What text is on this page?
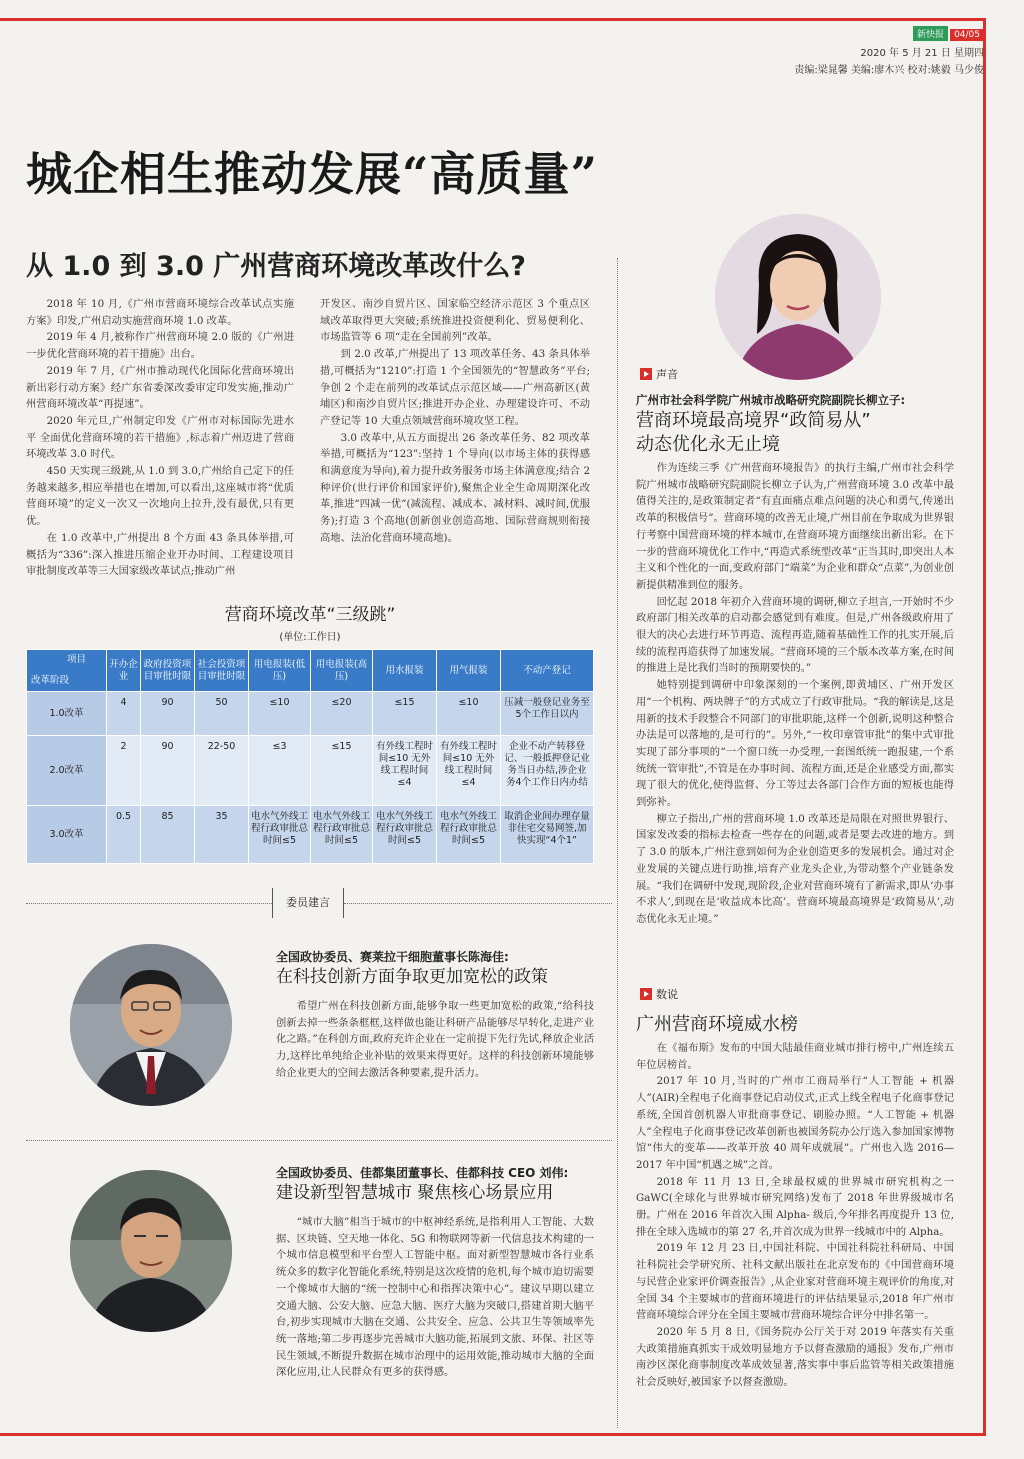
新快报 04/05
2020 年 5 月 21 日 星期四
责编:梁晁馨 美编:廖木兴 校对:姚毅 马少俊
城企相生推动发展“高质量”
从 1.0 到 3.0 广州营商环境改革改什么?

2018 年 10 月,《广州市营商环境综合改革试点实施方案》印发,广州启动实施营商环境 1.0 改革。

2019 年 4 月,被称作广州营商环境 2.0 版的《广州进一步优化营商环境的若干措施》出台。

2019 年 7 月,《广州市推动现代化国际化营商环境出新出彩行动方案》经广东省委深改委审定印发实施,推动广州营商环境改革“再提速”。

2020 年元旦,广州制定印发《广州市对标国际先进水平 全面优化营商环境的若干措施》,标志着广州迈进了营商环境改革 3.0 时代。

450 天实现三级跳,从 1.0 到 3.0,广州给自己定下的任务越来越多,相应举措也在增加,可以看出,这座城市将“优质营商环境”的定义一次又一次地向上拉升,没有最优,只有更优。

在 1.0 改革中,广州提出 8 个方面 43 条具体举措,可概括为“336”:深入推进压缩企业开办时间、工程建设项目审批制度改革等三大国家级改革试点;推动广州

开发区、南沙自贸片区、国家临空经济示范区 3 个重点区域改革取得更大突破;系统推进投资便利化、贸易便利化、市场监管等 6 项“走在全国前列”改革。

到 2.0 改革,广州提出了 13 项改革任务、43 条具体举措,可概括为“1210”:打造 1 个全国领先的“智慧政务”平台;争创 2 个走在前列的改革试点示范区域——广州高新区(黄埔区)和南沙自贸片区;推进开办企业、办理建设许可、不动产登记等 10 大重点领域营商环境攻坚工程。

3.0 改革中,从五方面提出 26 条改革任务、82 项改革举措,可概括为“123”:坚持 1 个导向(以市场主体的获得感和满意度为导向),着力提升政务服务市场主体满意度;结合 2 种评价(世行评价和国家评价),聚焦企业全生命周期深化改革,推进“四减一优”(减流程、减成本、减材料、减时间,优服务);打造 3 个高地(创新创业创造高地、国际营商规则衔接高地、法治化营商环境高地)。

营商环境改革“三级跳”
(单位:工作日)
项目
改革阶段	开办企业	政府投资项目审批时限	社会投资项目审批时限	用电报装(低压)	用电报装(高压)	用水报装	用气报装	不动产登记
1.0改革	4	90	50	≤10	≤20	≤15	≤10	压减一般登记业务至5个工作日以内
2.0改革	2	90	22-50	≤3	≤15	有外线工程时间≤10 无外线工程时间≤4	有外线工程时间≤10 无外线工程时间≤4	企业不动产转移登记、一般抵押登记业务当日办结,涉企业务4个工作日内办结
3.0改革	0.5	85	35	电水气外线工程行政审批总时间≤5	电水气外线工程行政审批总时间≤5	电水气外线工程行政审批总时间≤5	电水气外线工程行政审批总时间≤5	取消企业间办理存量非住宅交易网签,加快实现“4个1”
委员建言
全国政协委员、赛莱拉干细胞董事长陈海佳:
在科技创新方面争取更加宽松的政策

希望广州在科技创新方面,能够争取一些更加宽松的政策,“给科技创新去掉一些条条框框,这样做也能让科研产品能够尽早转化,走进产业化之路。”在科创方面,政府充许企业在一定前提下先行先试,释放企业活力,这样比单纯给企业补贴的效果来得更好。这样的科技创新环境能够给企业更大的空间去激活各种要素,提升活力。

全国政协委员、佳都集团董事长、佳都科技 CEO 刘伟:
建设新型智慧城市 聚焦核心场景应用

“城市大脑”相当于城市的中枢神经系统,是指利用人工智能、大数据、区块链、空天地一体化、5G 和物联网等新一代信息技术构建的一个城市信息模型和平台型人工智能中枢。面对新型智慧城市各行业系统众多的数字化智能化系统,特别是这次疫情的危机,每个城市迫切需要一个像城市大脑的“统一控制中心和指挥决策中心”。建议早期以建立交通大脑、公安大脑、应急大脑、医疗大脑为突破口,搭建首期大脑平台,初步实现城市大脑在交通、公共安全、应急、公共卫生等领域率先统一落地;第二步再逐步完善城市大脑功能,拓展到文旅、环保、社区等民生领域,不断提升数据在城市治理中的运用效能,推动城市大脑的全面深化应用,让人民群众有更多的获得感。

声音
广州市社会科学院广州城市战略研究院副院长柳立子:
营商环境最高境界“政简易从”
动态优化永无止境

作为连续三季《广州营商环境报告》的执行主编,广州市社会科学院广州城市战略研究院副院长柳立子认为,广州营商环境 3.0 改革中最值得关注的,是政策制定者“有直面痛点难点问题的决心和勇气,传递出改革的积极信号”。营商环境的改善无止境,广州目前在争取成为世界银行考察中国营商环境的样本城市,在营商环境方面继续出新出彩。在下一步的营商环境优化工作中,“再造式系统型改革”正当其时,即突出人本主义和个性化的一面,变政府部门“端菜”为企业和群众“点菜”,为创业创新提供精准到位的服务。

回忆起 2018 年初介入营商环境的调研,柳立子坦言,一开始时不少政府部门相关改革的启动都会感觉到有难度。但是,广州各级政府用了很大的决心去进行环节再造、流程再造,随着基础性工作的扎实开展,后续的流程再造获得了加速发展。“营商环境的三个版本改革方案,在时间的推进上是比我们当时的预期要快的。”

她特别提到调研中印象深刻的一个案例,即黄埔区、广州开发区用“一个机构、两块牌子”的方式成立了行政审批局。“我的解读是,这是用新的技术手段整合不同部门的审批职能,这样一个创新,说明这种整合办法是可以落地的,是可行的”。另外,“一枚印章管审批”的集中式审批实现了部分事项的“一个窗口统一办受理,一套图纸统一跑报建,一个系统统一管审批”,不管是在办事时间、流程方面,还是企业感受方面,都实现了很大的优化,使得监督、分工等过去各部门合作方面的短板也能得到弥补。

柳立子指出,广州的营商环境 1.0 改革还是局限在对照世界银行、国家发改委的指标去检查一些存在的问题,或者是要去改进的地方。到了 3.0 的版本,广州注意到如何为企业创造更多的发展机会。通过对企业发展的关键点进行助推,培育产业龙头企业,为带动整个产业链条发展。“我们在调研中发现,现阶段,企业对营商环境有了新需求,即从‘办事不求人’,到现在是‘收益成本比高’。营商环境最高境界是‘政简易从’,动态优化永无止境。”

数说
广州营商环境威水榜

在《福布斯》发布的中国大陆最佳商业城市排行榜中,广州连续五年位居榜首。

2017 年 10 月,当时的广州市工商局举行“人工智能 + 机器人”(AIR)全程电子化商事登记启动仪式,正式上线全程电子化商事登记系统,全国首创机器人审批商事登记、刷脸办照。“人工智能 + 机器人”全程电子化商事登记改革创新也被国务院办公厅选入参加国家博物馆“伟大的变革——改革开放 40 周年成就展”。广州也入选 2016—2017 年中国“机遇之城”之首。

2018 年 11 月 13 日,全球最权威的世界城市研究机构之一 GaWC(全球化与世界城市研究网络)发布了 2018 年世界级城市名册。广州在 2016 年首次入围 Alpha- 级后,今年排名再度提升 13 位,排在全球入选城市的第 27 名,并首次成为世界一线城市中的 Alpha。

2019 年 12 月 23 日,中国社科院、中国社科院社科研局、中国社科院社会学研究所、社科文献出版社在北京发布的《中国营商环境与民营企业家评价调查报告》,从企业家对营商环境主观评价的角度,对全国 34 个主要城市的营商环境进行的评估结果显示,2018 年广州市营商环境综合评分在全国主要城市营商环境综合评分中排名第一。

2020 年 5 月 8 日,《国务院办公厅关于对 2019 年落实有关重大政策措施真抓实干成效明显地方予以督查激励的通报》发布,广州市南沙区深化商事制度改革成效显著,落实事中事后监管等相关政策措施社会反映好,被国家予以督查激励。
